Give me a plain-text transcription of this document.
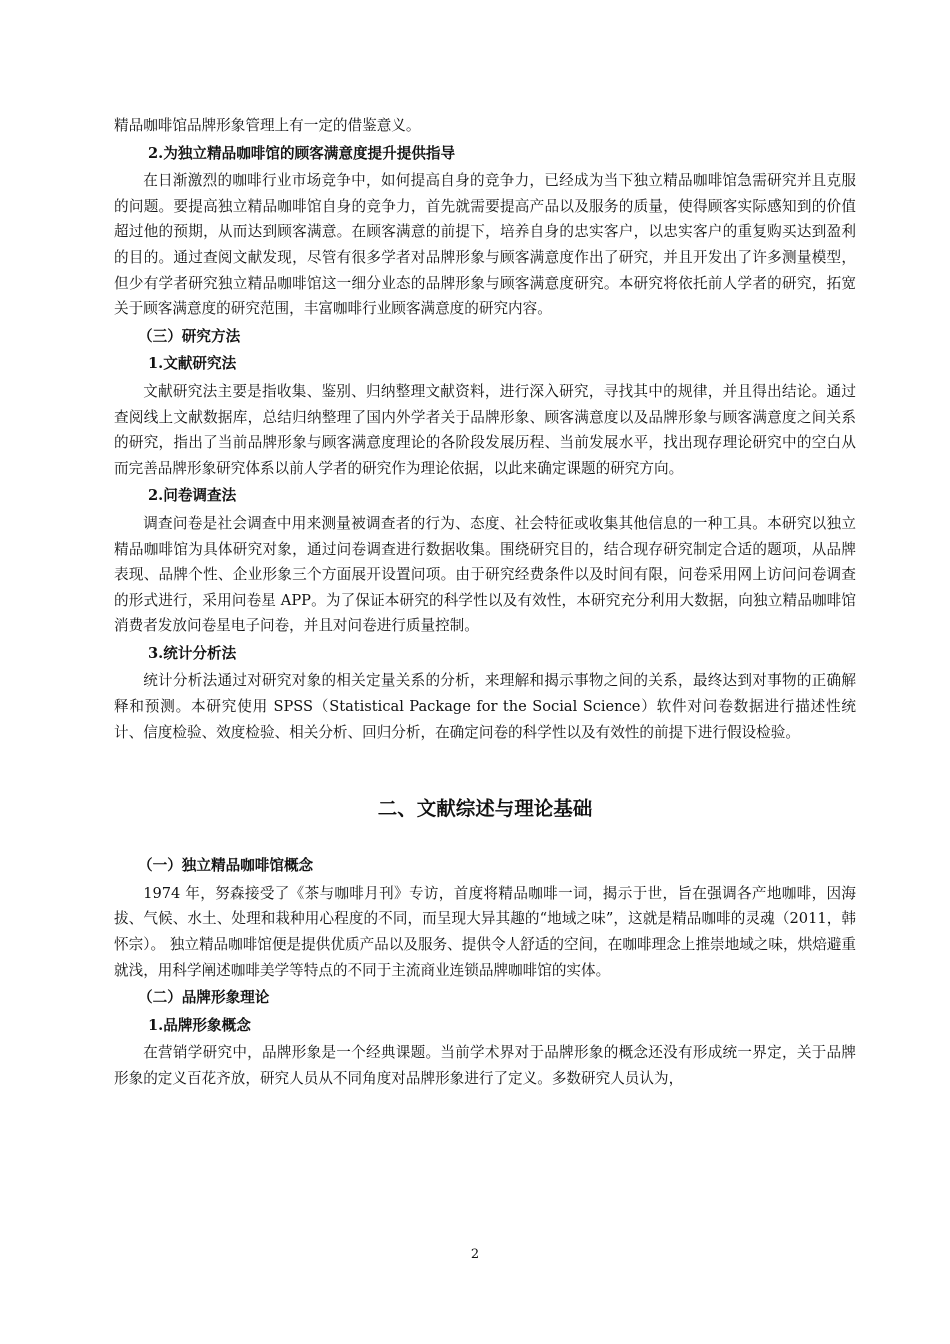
精品咖啡馆品牌形象管理上有一定的借鉴意义。

2.为独立精品咖啡馆的顾客满意度提升提供指导

在日渐激烈的咖啡行业市场竞争中，如何提高自身的竞争力，已经成为当下独立精品咖啡馆急需研究并且克服的问题。要提高独立精品咖啡馆自身的竞争力，首先就需要提高产品以及服务的质量，使得顾客实际感知到的价值超过他的预期，从而达到顾客满意。在顾客满意的前提下，培养自身的忠实客户，以忠实客户的重复购买达到盈利的目的。通过查阅文献发现，尽管有很多学者对品牌形象与顾客满意度作出了研究，并且开发出了许多测量模型，但少有学者研究独立精品咖啡馆这一细分业态的品牌形象与顾客满意度研究。本研究将依托前人学者的研究，拓宽关于顾客满意度的研究范围，丰富咖啡行业顾客满意度的研究内容。

（三）研究方法
1.文献研究法

文献研究法主要是指收集、鉴别、归纳整理文献资料，进行深入研究，寻找其中的规律，并且得出结论。通过查阅线上文献数据库，总结归纳整理了国内外学者关于品牌形象、顾客满意度以及品牌形象与顾客满意度之间关系的研究，指出了当前品牌形象与顾客满意度理论的各阶段发展历程、当前发展水平，找出现存理论研究中的空白从而完善品牌形象研究体系以前人学者的研究作为理论依据，以此来确定课题的研究方向。

2.问卷调查法

调查问卷是社会调查中用来测量被调查者的行为、态度、社会特征或收集其他信息的一种工具。本研究以独立精品咖啡馆为具体研究对象，通过问卷调查进行数据收集。围绕研究目的，结合现存研究制定合适的题项，从品牌表现、品牌个性、企业形象三个方面展开设置问项。由于研究经费条件以及时间有限，问卷采用网上访问问卷调查的形式进行，采用问卷星 APP。为了保证本研究的科学性以及有效性，本研究充分利用大数据，向独立精品咖啡馆消费者发放问卷星电子问卷，并且对问卷进行质量控制。

3.统计分析法

统计分析法通过对研究对象的相关定量关系的分析，来理解和揭示事物之间的关系，最终达到对事物的正确解释和预测。本研究使用 SPSS（Statistical Package for the Social Science）软件对问卷数据进行描述性统计、信度检验、效度检验、相关分析、回归分析，在确定问卷的科学性以及有效性的前提下进行假设检验。

二、文献综述与理论基础
（一）独立精品咖啡馆概念

1974 年，努森接受了《茶与咖啡月刊》专访，首度将精品咖啡一词，揭示于世，旨在强调各产地咖啡，因海拔、气候、水土、处理和栽种用心程度的不同，而呈现大异其趣的“地域之味”，这就是精品咖啡的灵魂（2011，韩怀宗）。 独立精品咖啡馆便是提供优质产品以及服务、提供令人舒适的空间，在咖啡理念上推崇地域之味，烘焙避重就浅，用科学阐述咖啡美学等特点的不同于主流商业连锁品牌咖啡馆的实体。

（二）品牌形象理论
1.品牌形象概念

在营销学研究中，品牌形象是一个经典课题。当前学术界对于品牌形象的概念还没有形成统一界定，关于品牌形象的定义百花齐放，研究人员从不同角度对品牌形象进行了定义。多数研究人员认为，

2
